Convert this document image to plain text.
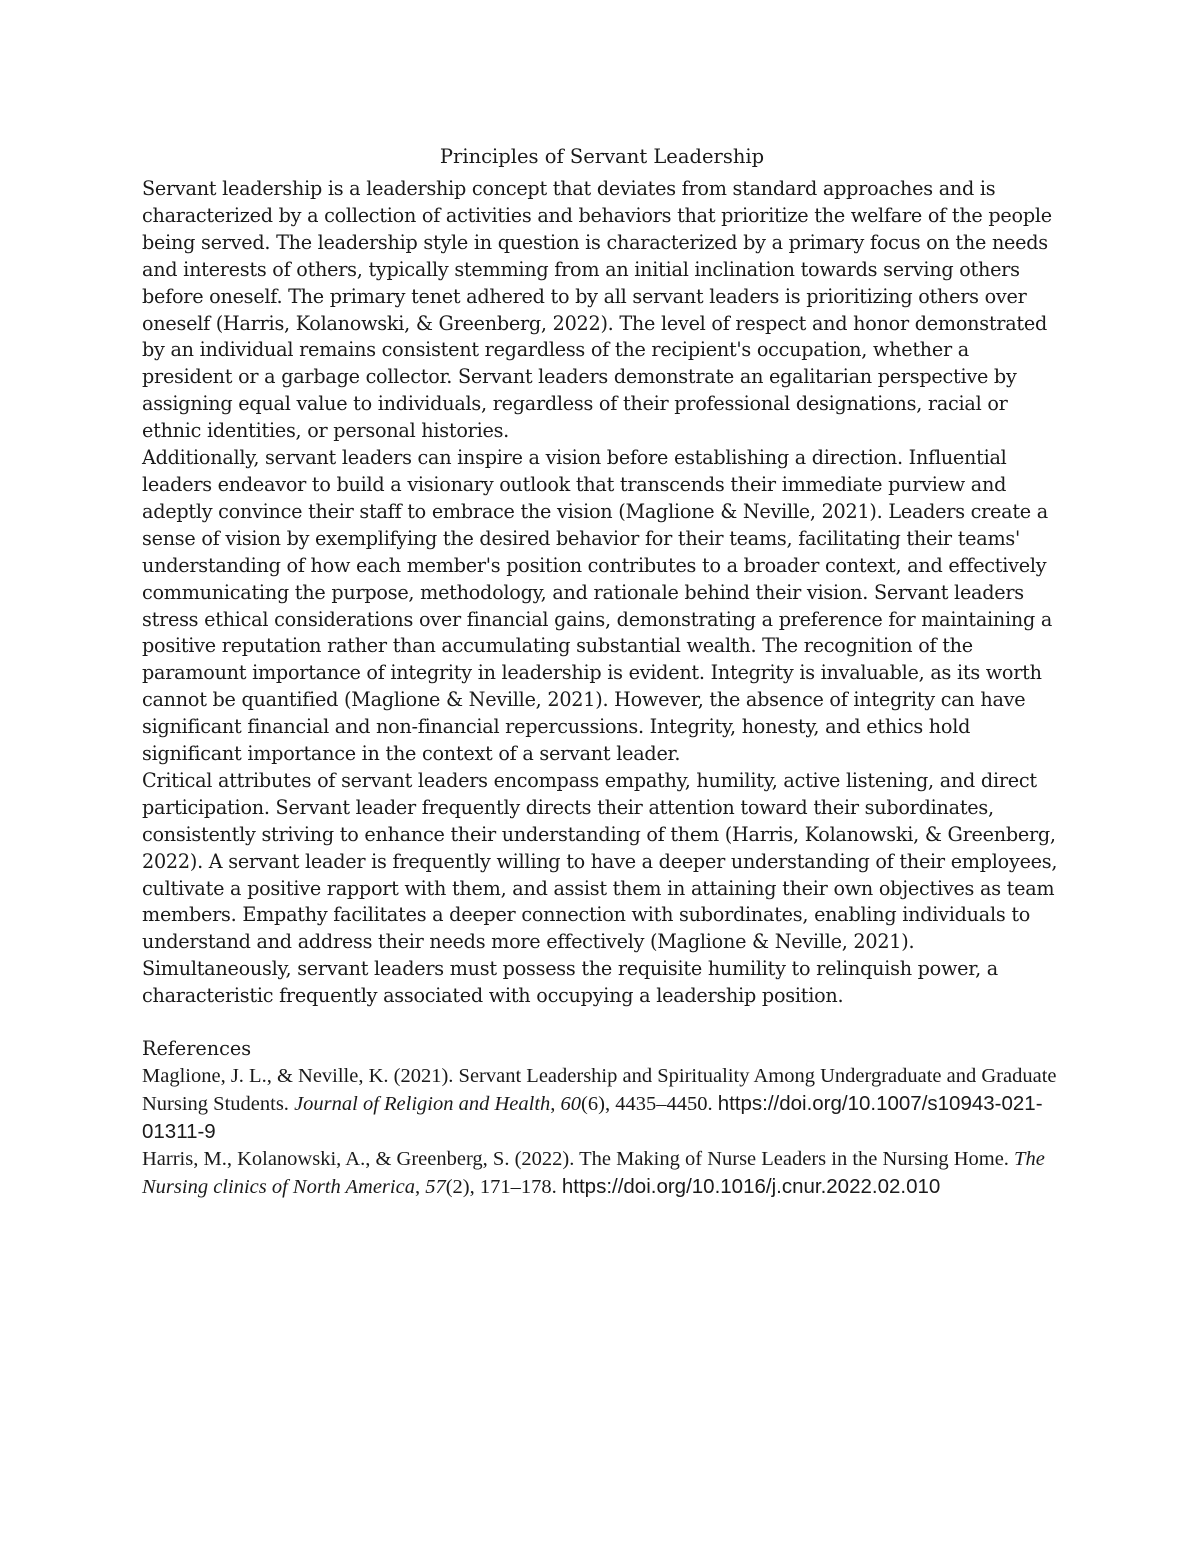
Principles of Servant Leadership

Servant leadership is a leadership concept that deviates from standard approaches and is characterized by a collection of activities and behaviors that prioritize the welfare of the people being served. The leadership style in question is characterized by a primary focus on the needs and interests of others, typically stemming from an initial inclination towards serving others before oneself. The primary tenet adhered to by all servant leaders is prioritizing others over oneself (Harris, Kolanowski, & Greenberg, 2022). The level of respect and honor demonstrated by an individual remains consistent regardless of the recipient's occupation, whether a president or a garbage collector. Servant leaders demonstrate an egalitarian perspective by assigning equal value to individuals, regardless of their professional designations, racial or ethnic identities, or personal histories.

Additionally, servant leaders can inspire a vision before establishing a direction. Influential leaders endeavor to build a visionary outlook that transcends their immediate purview and adeptly convince their staff to embrace the vision (Maglione & Neville, 2021). Leaders create a sense of vision by exemplifying the desired behavior for their teams, facilitating their teams' understanding of how each member's position contributes to a broader context, and effectively communicating the purpose, methodology, and rationale behind their vision. Servant leaders stress ethical considerations over financial gains, demonstrating a preference for maintaining a positive reputation rather than accumulating substantial wealth. The recognition of the paramount importance of integrity in leadership is evident. Integrity is invaluable, as its worth cannot be quantified (Maglione & Neville, 2021). However, the absence of integrity can have significant financial and non-financial repercussions. Integrity, honesty, and ethics hold significant importance in the context of a servant leader.

Critical attributes of servant leaders encompass empathy, humility, active listening, and direct participation. Servant leader frequently directs their attention toward their subordinates, consistently striving to enhance their understanding of them (Harris, Kolanowski, & Greenberg, 2022). A servant leader is frequently willing to have a deeper understanding of their employees, cultivate a positive rapport with them, and assist them in attaining their own objectives as team members. Empathy facilitates a deeper connection with subordinates, enabling individuals to understand and address their needs more effectively (Maglione & Neville, 2021). Simultaneously, servant leaders must possess the requisite humility to relinquish power, a characteristic frequently associated with occupying a leadership position.

References

Maglione, J. L., & Neville, K. (2021). Servant Leadership and Spirituality Among Undergraduate and Graduate Nursing Students. Journal of Religion and Health, 60(6), 4435–4450. https://doi.org/10.1007/s10943-021-01311-9

Harris, M., Kolanowski, A., & Greenberg, S. (2022). The Making of Nurse Leaders in the Nursing Home. The Nursing clinics of North America, 57(2), 171–178. https://doi.org/10.1016/j.cnur.2022.02.010
